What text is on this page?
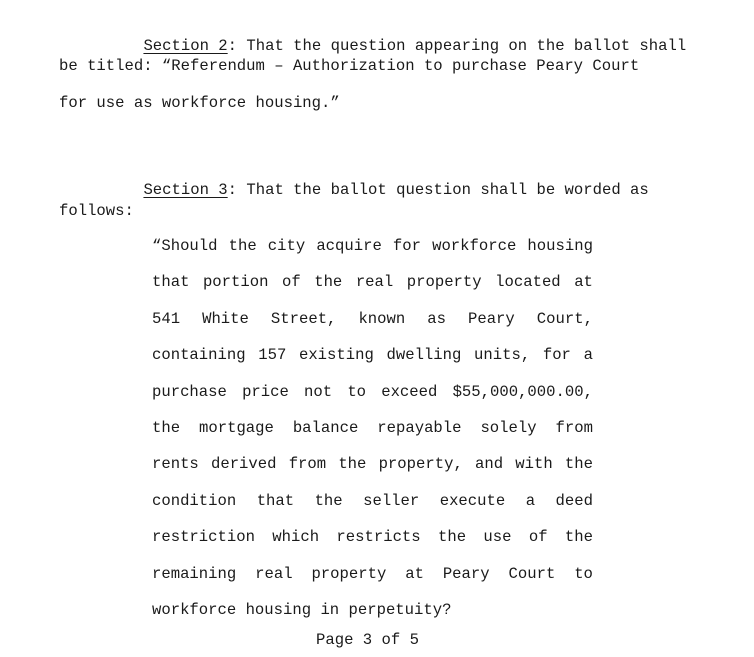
Section 2: That the question appearing on the ballot shall

be titled: “Referendum – Authorization to purchase Peary Court
for use as workforce housing.”

Section 3: That the ballot question shall be worded as

follows:
“Should the city acquire for workforce housing
that portion of the real property located at
541 White Street, known as Peary Court,
containing 157 existing dwelling units, for a
purchase price not to exceed $55,000,000.00,
the mortgage balance repayable solely from
rents derived from the property, and with the
condition that the seller execute a deed
restriction which restricts the use of the
remaining real property at Peary Court to
workforce housing in perpetuity?
Page 3 of 5
